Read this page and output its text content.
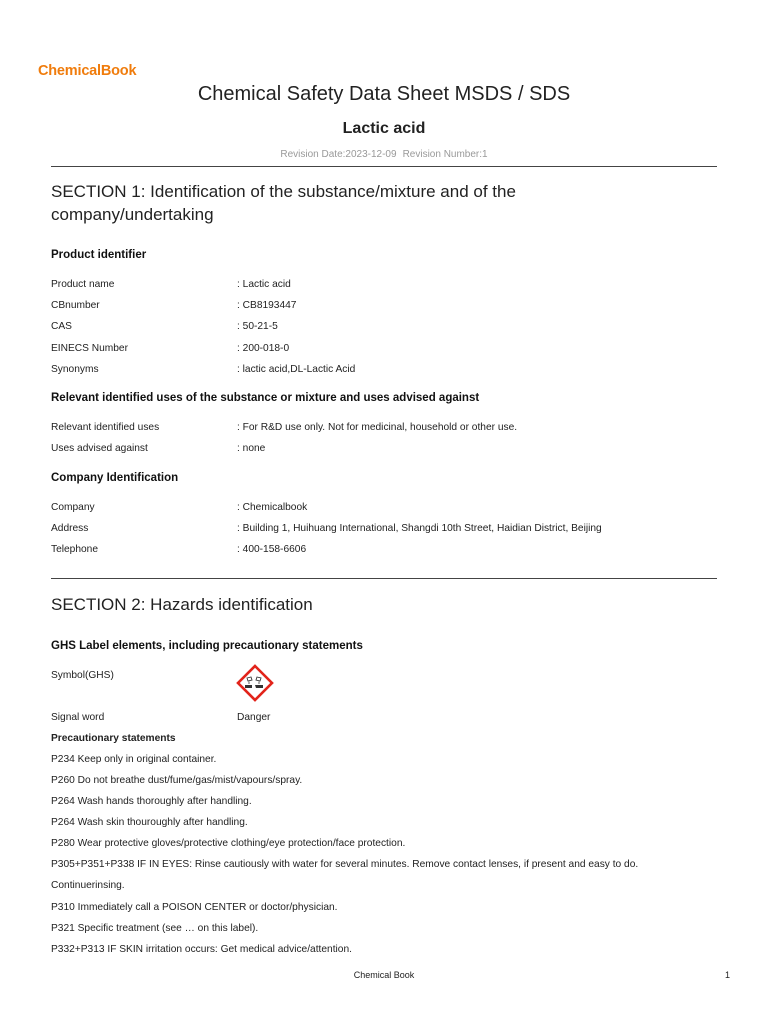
ChemicalBook
Chemical Safety Data Sheet MSDS / SDS
Lactic acid
Revision Date:2023-12-09 Revision Number:1
SECTION 1: Identification of the substance/mixture and of the company/undertaking
Product identifier
Product name	: Lactic acid
CBnumber	: CB8193447
CAS	: 50-21-5
EINECS Number	: 200-018-0
Synonyms	: lactic acid,DL-Lactic Acid
Relevant identified uses of the substance or mixture and uses advised against
Relevant identified uses	: For R&D use only. Not for medicinal, household or other use.
Uses advised against	: none
Company Identification
Company	: Chemicalbook
Address	: Building 1, Huihuang International, Shangdi 10th Street, Haidian District, Beijing
Telephone	: 400-158-6606
SECTION 2: Hazards identification
GHS Label elements, including precautionary statements
Symbol(GHS)
Signal word	Danger
Precautionary statements
P234 Keep only in original container.
P260 Do not breathe dust/fume/gas/mist/vapours/spray.
P264 Wash hands thoroughly after handling.
P264 Wash skin thouroughly after handling.
P280 Wear protective gloves/protective clothing/eye protection/face protection.
P305+P351+P338 IF IN EYES: Rinse cautiously with water for several minutes. Remove contact lenses, if present and easy to do.
Continuerinsing.
P310 Immediately call a POISON CENTER or doctor/physician.
P321 Specific treatment (see … on this label).
P332+P313 IF SKIN irritation occurs: Get medical advice/attention.
Chemical Book	1
